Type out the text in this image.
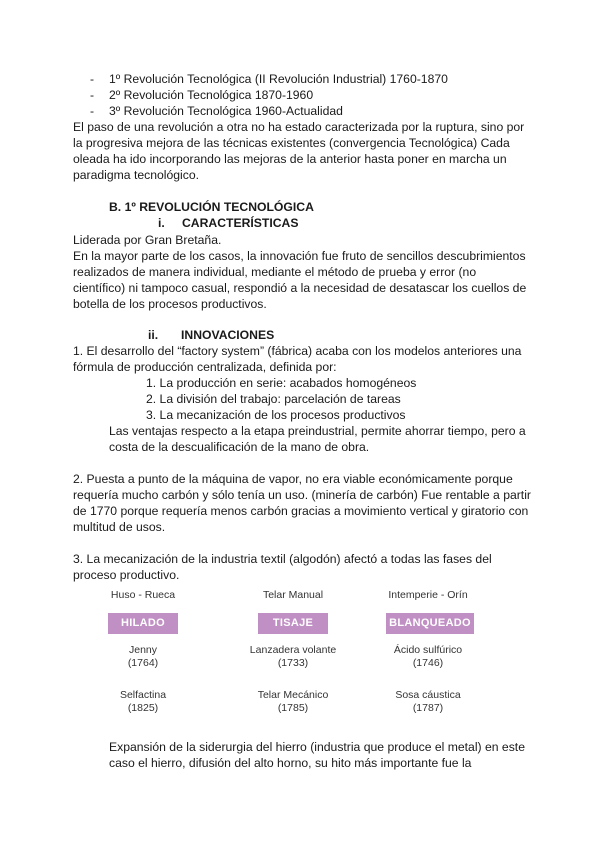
- 1º Revolución Tecnológica (II Revolución Industrial) 1760-1870
- 2º Revolución Tecnológica 1870-1960
- 3º Revolución Tecnológica 1960-Actualidad
El paso de una revolución a otra no ha estado caracterizada por la ruptura, sino por
la progresiva mejora de las técnicas existentes (convergencia Tecnológica) Cada
oleada ha ido incorporando las mejoras de la anterior hasta poner en marcha un
paradigma tecnológico.
B. 1º REVOLUCIÓN TECNOLÓGICA
i. CARACTERÍSTICAS
Liderada por Gran Bretaña.
En la mayor parte de los casos, la innovación fue fruto de sencillos descubrimientos
realizados de manera individual, mediante el método de prueba y error (no
científico) ni tampoco casual, respondió a la necesidad de desatascar los cuellos de
botella de los procesos productivos.
ii. INNOVACIONES
1. El desarrollo del “factory system” (fábrica) acaba con los modelos anteriores una
fórmula de producción centralizada, definida por:
1. La producción en serie: acabados homogéneos
2. La división del trabajo: parcelación de tareas
3. La mecanización de los procesos productivos
Las ventajas respecto a la etapa preindustrial, permite ahorrar tiempo, pero a
costa de la descualificación de la mano de obra.
2. Puesta a punto de la máquina de vapor, no era viable económicamente porque
requería mucho carbón y sólo tenía un uso. (minería de carbón) Fue rentable a partir
de 1770 porque requería menos carbón gracias a movimiento vertical y giratorio con
multitud de usos.
3. La mecanización de la industria textil (algodón) afectó a todas las fases del
proceso productivo.
Huso - Rueca
HILADO
Jenny
(1764)
Selfactina
(1825)
Telar Manual
TISAJE
Lanzadera volante
(1733)
Telar Mecánico
(1785)
Intemperie - Orín
BLANQUEADO
Ácido sulfúrico
(1746)
Sosa cáustica
(1787)
Expansión de la siderurgia del hierro (industria que produce el metal) en este
caso el hierro, difusión del alto horno, su hito más importante fue la
